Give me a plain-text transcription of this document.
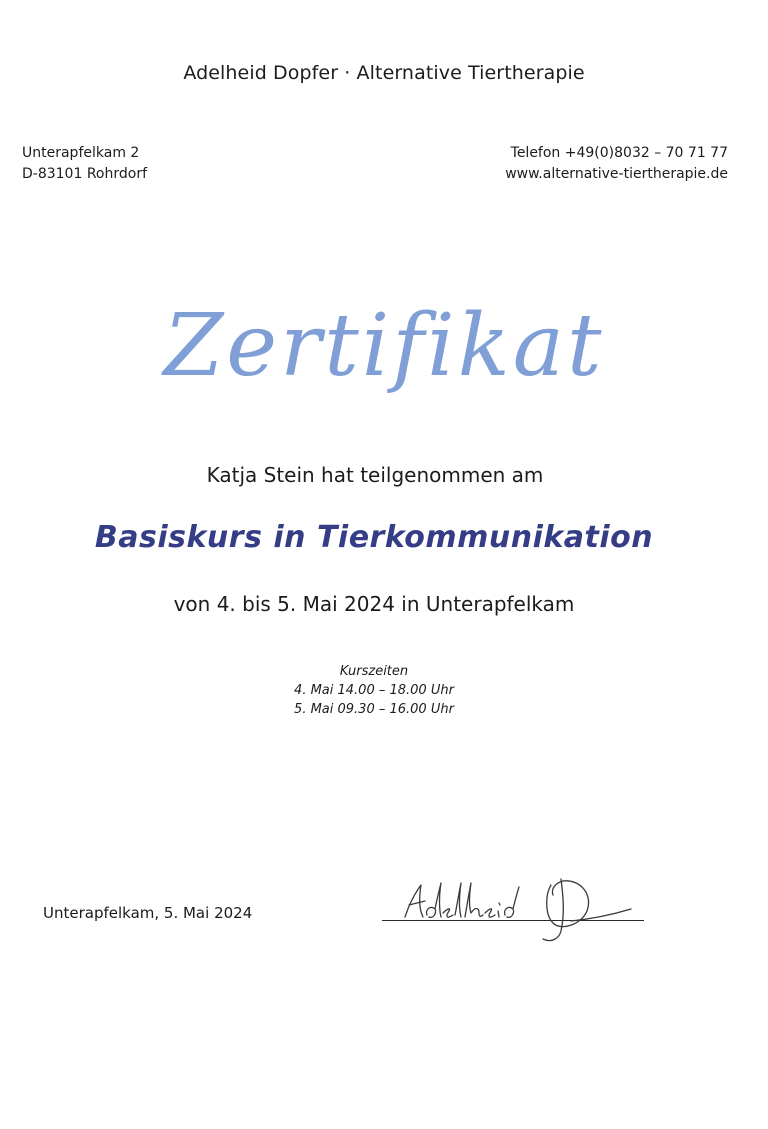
Adelheid Dopfer · Alternative Tiertherapie
Unterapfelkam 2
D-83101 Rohrdorf
Telefon +49(0)8032 – 70 71 77
www.alternative-tiertherapie.de
Zertifikat
Katja Stein hat teilgenommen am
Basiskurs in Tierkommunikation
von 4. bis 5. Mai 2024 in Unterapfelkam
Kurszeiten
4. Mai 14.00 – 18.00 Uhr
5. Mai 09.30 – 16.00 Uhr
Unterapfelkam, 5. Mai 2024
